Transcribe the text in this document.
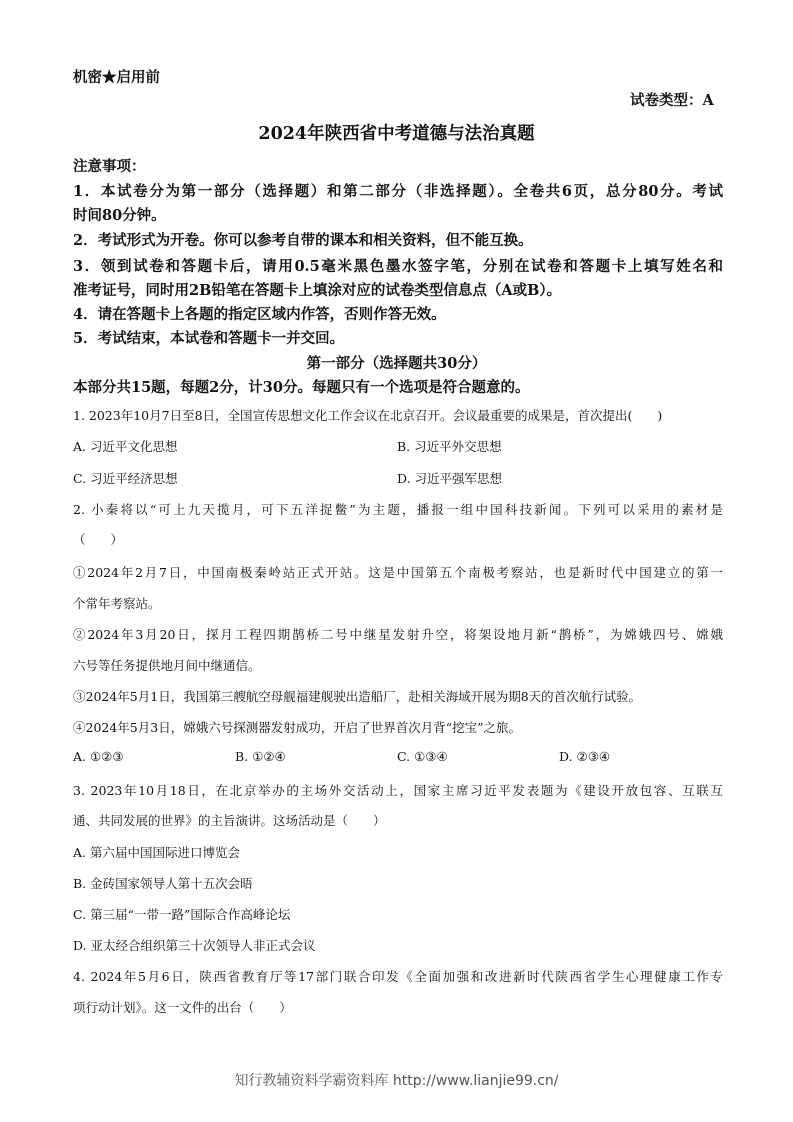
机密★启用前
试卷类型：A
2024年陕西省中考道德与法治真题
注意事项：
1．本试卷分为第一部分（选择题）和第二部分（非选择题）。全卷共6页，总分80分。考试
时间80分钟。
2．考试形式为开卷。你可以参考自带的课本和相关资料，但不能互换。
3．领到试卷和答题卡后，请用0.5毫米黑色墨水签字笔，分别在试卷和答题卡上填写姓名和
准考证号，同时用2B铅笔在答题卡上填涂对应的试卷类型信息点（A或B）。
4．请在答题卡上各题的指定区域内作答，否则作答无效。
5．考试结束，本试卷和答题卡一并交回。
第一部分（选择题共30分）
本部分共15题，每题2分，计30分。每题只有一个选项是符合题意的。
1. 2023年10月7日至8日，全国宣传思想文化工作会议在北京召开。会议最重要的成果是，首次提出(　　)
A. 习近平文化思想	B. 习近平外交思想
C. 习近平经济思想	D. 习近平强军思想
2. 小秦将以“可上九天揽月，可下五洋捉鳖”为主题，播报一组中国科技新闻。下列可以采用的素材是
（　　）
①2024年2月7日，中国南极秦岭站正式开站。这是中国第五个南极考察站，也是新时代中国建立的第一
个常年考察站。
②2024年3月20日，探月工程四期鹊桥二号中继星发射升空，将架设地月新“鹊桥”，为嫦娥四号、嫦娥
六号等任务提供地月间中继通信。
③2024年5月1日，我国第三艘航空母舰福建舰驶出造船厂，赴相关海域开展为期8天的首次航行试验。
④2024年5月3日，嫦娥六号探测器发射成功，开启了世界首次月背“挖宝”之旅。
A. ①②③	B. ①②④	C. ①③④	D. ②③④
3. 2023年10月18日，在北京举办的主场外交活动上，国家主席习近平发表题为《建设开放包容、互联互
通、共同发展的世界》的主旨演讲。这场活动是（　　）
A. 第六届中国国际进口博览会
B. 金砖国家领导人第十五次会晤
C. 第三届“一带一路”国际合作高峰论坛
D. 亚太经合组织第三十次领导人非正式会议
4. 2024年5月6日，陕西省教育厅等17部门联合印发《全面加强和改进新时代陕西省学生心理健康工作专
项行动计划》。这一文件的出台（　　）
知行教辅资料学霸资料库 http://www.lianjie99.cn/
